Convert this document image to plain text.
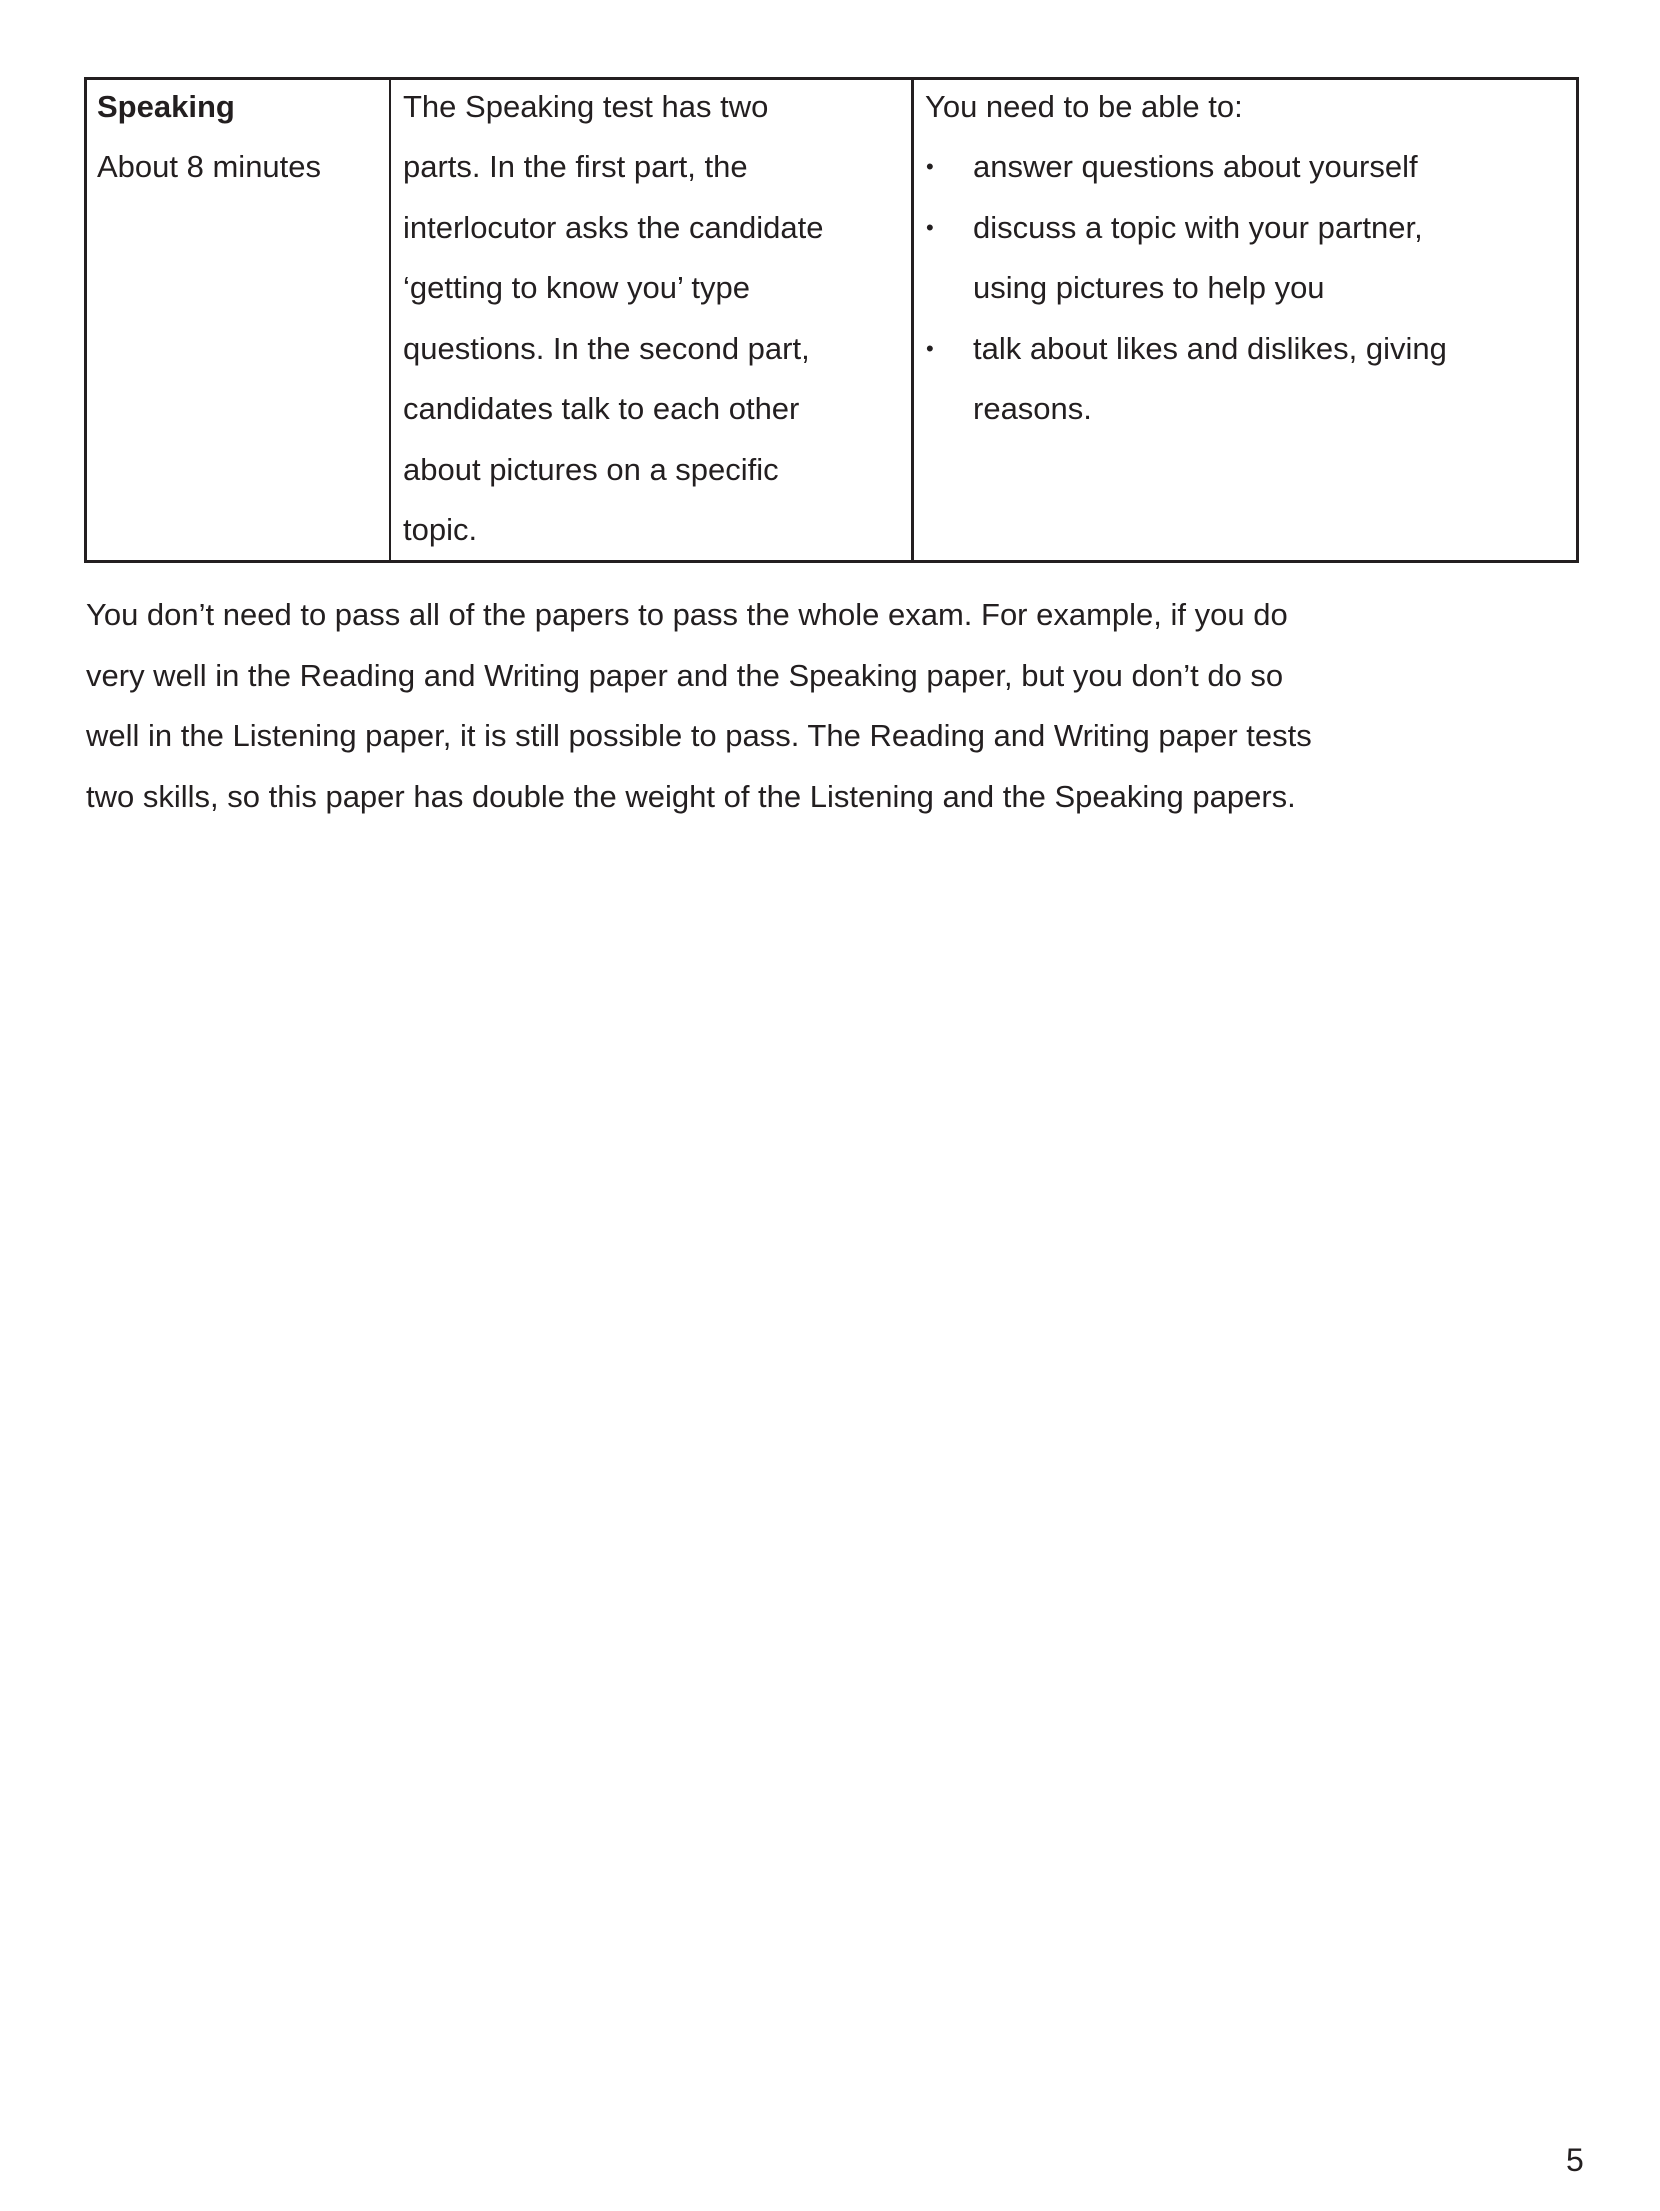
Speaking
About 8 minutes
The Speaking test has two
parts. In the first part, the
interlocutor asks the candidate
‘getting to know you’ type
questions. In the second part,
candidates talk to each other
about pictures on a specific
topic.
You need to be able to:
• answer questions about yourself
• discuss a topic with your partner,
using pictures to help you
• talk about likes and dislikes, giving
reasons.
You don’t need to pass all of the papers to pass the whole exam. For example, if you do
very well in the Reading and Writing paper and the Speaking paper, but you don’t do so
well in the Listening paper, it is still possible to pass. The Reading and Writing paper tests
two skills, so this paper has double the weight of the Listening and the Speaking papers.
5
